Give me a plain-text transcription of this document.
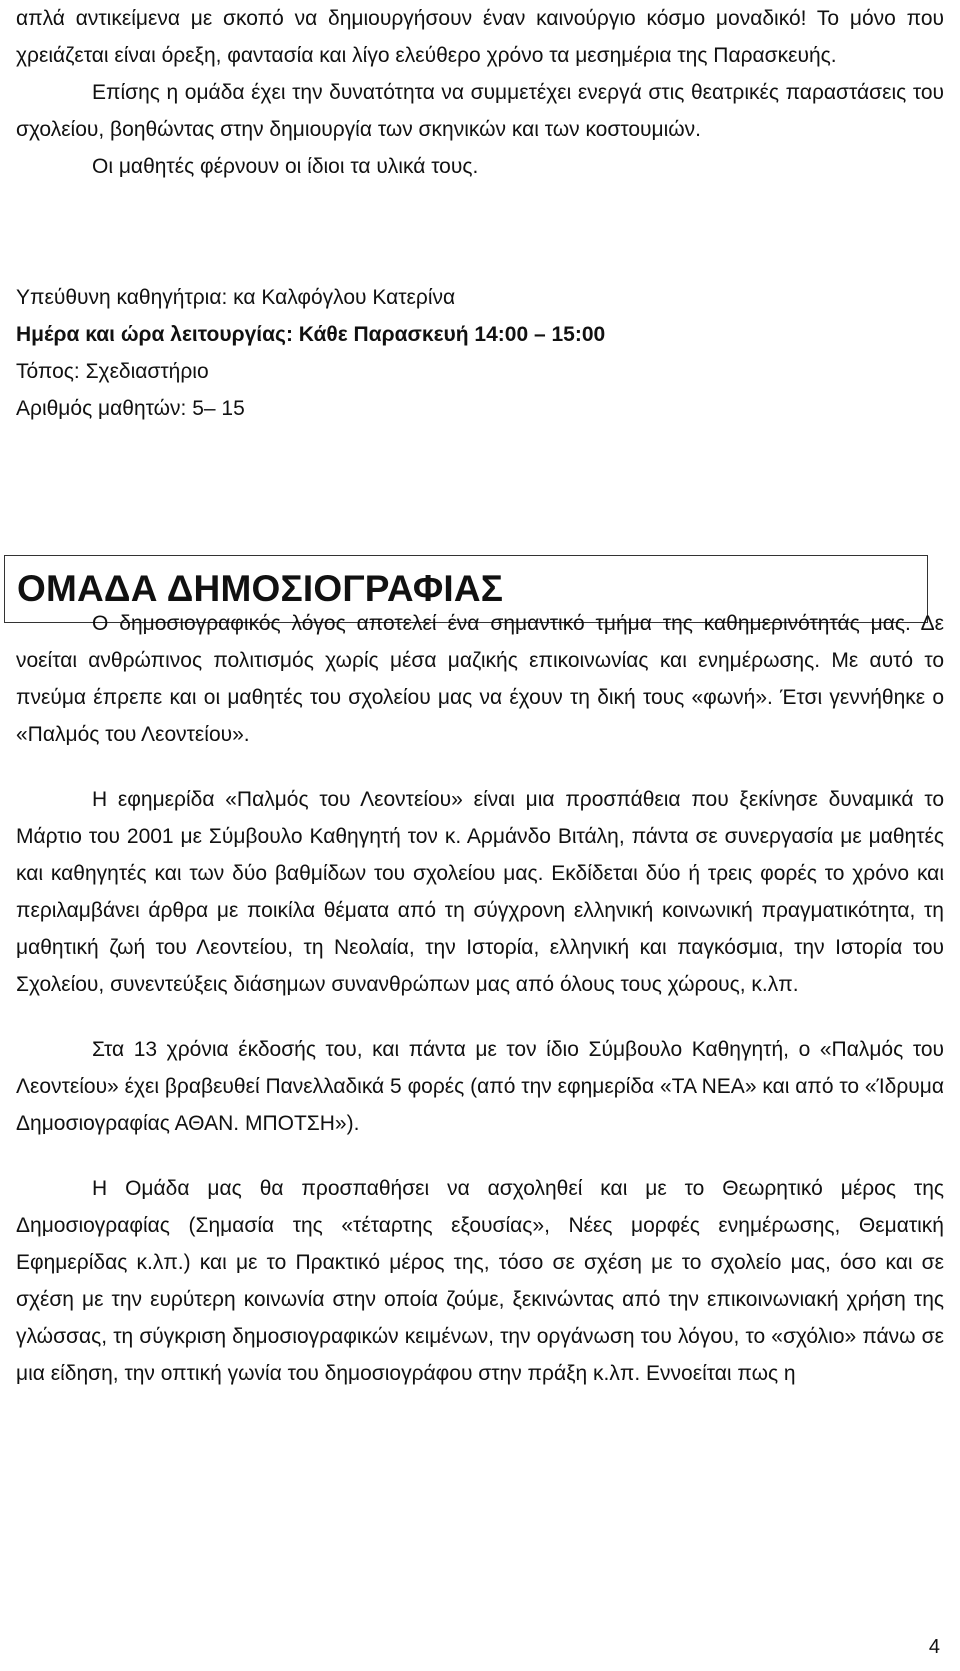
απλά αντικείμενα με σκοπό να δημιουργήσουν έναν καινούργιο κόσμο μοναδικό! Το μόνο που χρειάζεται είναι όρεξη, φαντασία και λίγο ελεύθερο χρόνο τα μεσημέρια της Παρασκευής.

Επίσης η ομάδα έχει την δυνατότητα να συμμετέχει ενεργά στις θεατρικές παραστάσεις του σχολείου, βοηθώντας στην δημιουργία των σκηνικών και των κοστουμιών.

Οι μαθητές φέρνουν οι ίδιοι τα υλικά τους.

Υπεύθυνη καθηγήτρια: κα Καλφόγλου Κατερίνα

Ημέρα και ώρα λειτουργίας: Κάθε Παρασκευή 14:00 – 15:00

Τόπος: Σχεδιαστήριο

Αριθμός μαθητών: 5– 15

ΟΜΑΔΑ ΔΗΜΟΣΙΟΓΡΑΦΙΑΣ

Ο δημοσιογραφικός λόγος αποτελεί ένα σημαντικό τμήμα της καθημερινότητάς μας. Δε νοείται ανθρώπινος πολιτισμός χωρίς μέσα μαζικής επικοινωνίας και ενημέρωσης. Με αυτό το πνεύμα έπρεπε και οι μαθητές του σχολείου μας να έχουν τη δική τους «φωνή». Έτσι γεννήθηκε ο «Παλμός του Λεοντείου».

Η εφημερίδα «Παλμός του Λεοντείου» είναι μια προσπάθεια που ξεκίνησε δυναμικά το Μάρτιο του 2001 με Σύμβουλο Καθηγητή τον κ. Αρμάνδο Βιτάλη, πάντα σε συνεργασία με μαθητές και καθηγητές και των δύο βαθμίδων του σχολείου μας. Εκδίδεται δύο ή τρεις φορές το χρόνο και περιλαμβάνει άρθρα με ποικίλα θέματα από τη σύγχρονη ελληνική κοινωνική πραγματικότητα, τη μαθητική ζωή του Λεοντείου, τη Νεολαία, την Ιστορία, ελληνική και παγκόσμια, την Ιστορία του Σχολείου, συνεντεύξεις διάσημων συνανθρώπων μας από όλους τους χώρους, κ.λπ.

Στα 13 χρόνια έκδοσής του, και πάντα με τον ίδιο Σύμβουλο Καθηγητή, ο «Παλμός του Λεοντείου» έχει βραβευθεί Πανελλαδικά 5 φορές (από την εφημερίδα «ΤΑ ΝΕΑ» και από το «Ίδρυμα Δημοσιογραφίας ΑΘΑΝ. ΜΠΟΤΣΗ»).

Η Ομάδα μας θα προσπαθήσει να ασχοληθεί και με το Θεωρητικό μέρος της Δημοσιογραφίας (Σημασία της «τέταρτης εξουσίας», Νέες μορφές ενημέρωσης, Θεματική Εφημερίδας κ.λπ.) και με το Πρακτικό μέρος της, τόσο σε σχέση με το σχολείο μας, όσο και σε σχέση με την ευρύτερη κοινωνία στην οποία ζούμε, ξεκινώντας από την επικοινωνιακή χρήση της γλώσσας, τη σύγκριση δημοσιογραφικών κειμένων, την οργάνωση του λόγου, το «σχόλιο» πάνω σε μια είδηση, την οπτική γωνία του δημοσιογράφου στην πράξη κ.λπ. Εννοείται πως η

4
